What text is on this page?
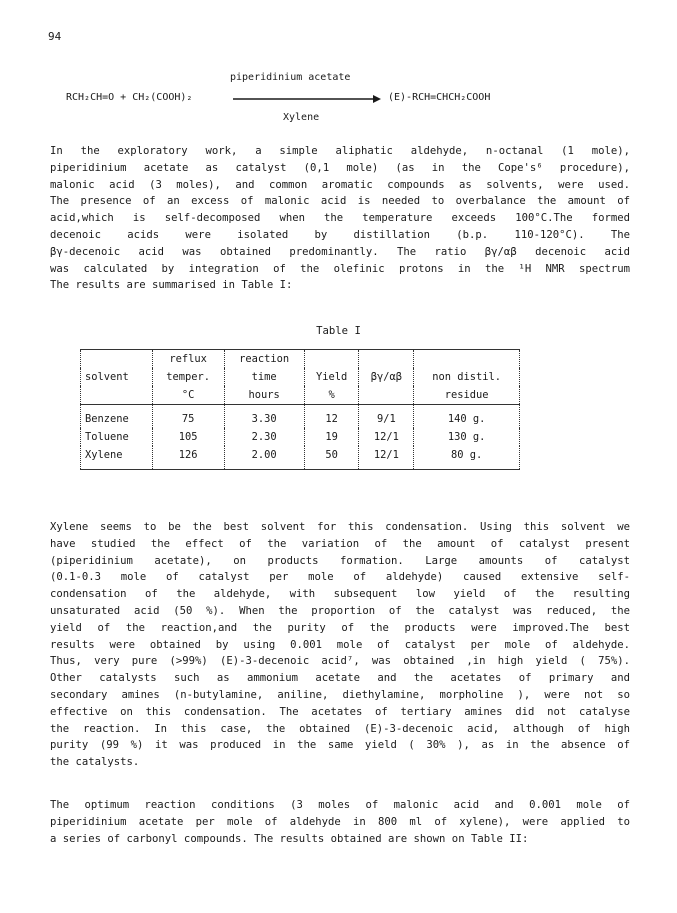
94
piperidinium acetate
RCH₂CH=O + CH₂(COOH)₂	(E)-RCH=CHCH₂COOH
Xylene
In the exploratory work, a simple aliphatic aldehyde, n-octanal (1 mole),
piperidinium acetate as catalyst (0,1 mole) (as in the Cope's⁶ procedure),
malonic acid (3 moles), and common aromatic compounds as solvents, were used.
The presence of an excess of malonic acid is needed to overbalance the amount of
acid,which is self-decomposed when the temperature exceeds 100°C.The formed
decenoic acids were isolated by distillation (b.p. 110-120°C). The
βγ-decenoic acid was obtained predominantly. The ratio βγ/αβ decenoic acid
was calculated by integration of the olefinic protons in the ¹H NMR spectrum
The results are summarised in Table I:
Table I
	reflux	reaction			
solvent	temper.	time	Yield	βγ/αβ	non distil.
	°C	hours	%		residue
Benzene	75	3.30	12	9/1	140 g.
Toluene	105	2.30	19	12/1	130 g.
Xylene	126	2.00	50	12/1	80 g.
Xylene seems to be the best solvent for this condensation. Using this solvent we
have studied the effect of the variation of the amount of catalyst present
(piperidinium acetate), on products formation. Large amounts of catalyst
(0.1-0.3 mole of catalyst per mole of aldehyde) caused extensive self-
condensation of the aldehyde, with subsequent low yield of the resulting
unsaturated acid (50 %). When the proportion of the catalyst was reduced, the
yield of the reaction,and the purity of the products were improved.The best
results were obtained by using 0.001 mole of catalyst per mole of aldehyde.
Thus, very pure (>99%) (E)-3-decenoic acid⁷, was obtained ,in high yield ( 75%).
Other catalysts such as ammonium acetate and the acetates of primary and
secondary amines (n-butylamine, aniline, diethylamine, morpholine ), were not so
effective on this condensation. The acetates of tertiary amines did not catalyse
the reaction. In this case, the obtained (E)-3-decenoic acid, although of high
purity (99 %) it was produced in the same yield ( 30% ), as in the absence of
the catalysts.
The optimum reaction conditions (3 moles of malonic acid and 0.001 mole of
piperidinium acetate per mole of aldehyde in 800 ml of xylene), were applied to
a series of carbonyl compounds. The results obtained are shown on Table II:
